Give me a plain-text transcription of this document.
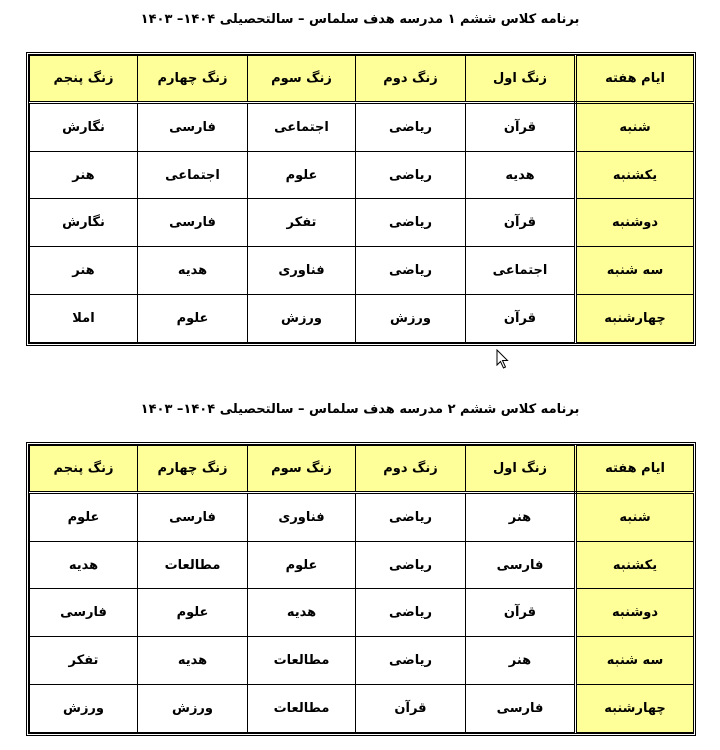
برنامه کلاس ششم ۱ مدرسه هدف سلماس – سالتحصیلی ۱۴۰۴– ۱۴۰۳
ایام هفته	زنگ اول	زنگ دوم	زنگ سوم	زنگ چهارم	زنگ پنجم
شنبه	قرآن	ریاضی	اجتماعی	فارسی	نگارش
یکشنبه	هدیه	ریاضی	علوم	اجتماعی	هنر
دوشنبه	قرآن	ریاضی	تفکر	فارسی	نگارش
سه شنبه	اجتماعی	ریاضی	فناوری	هدیه	هنر
چهارشنبه	قرآن	ورزش	ورزش	علوم	املا
برنامه کلاس ششم ۲ مدرسه هدف سلماس – سالتحصیلی ۱۴۰۴– ۱۴۰۳
ایام هفته	زنگ اول	زنگ دوم	زنگ سوم	زنگ چهارم	زنگ پنجم
شنبه	هنر	ریاضی	فناوری	فارسی	علوم
یکشنبه	فارسی	ریاضی	علوم	مطالعات	هدیه
دوشنبه	قرآن	ریاضی	هدیه	علوم	فارسی
سه شنبه	هنر	ریاضی	مطالعات	هدیه	تفکر
چهارشنبه	فارسی	قرآن	مطالعات	ورزش	ورزش
